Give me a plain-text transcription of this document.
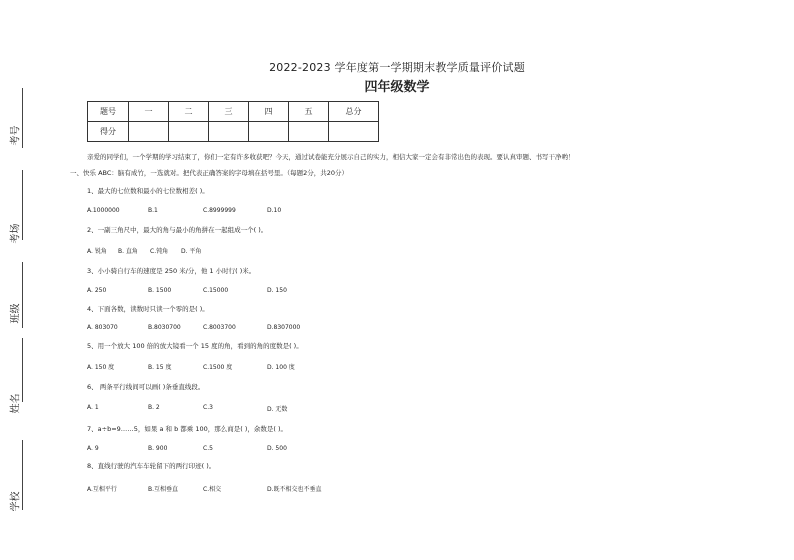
考号
考场
班级
姓名
学校
2022-2023 学年度第一学期期末教学质量评价试题
四年级数学
题号	一	二	三	四	五	总分
得分						
亲爱的同学们，一个学期的学习结束了，你们一定有许多收获吧？今天，通过试卷能充分展示自己的实力，相信大家一定会有非常出色的表现。要认真审题、书写干净哟！
一、快乐 ABC：脑有成竹，一选就对。把代表正确答案的字母填在括号里。（每题2分，共20分）
1、最大的七位数和最小的七位数相差( )。
A.1000000	B.1	C.8999999	D.10
2、一副三角尺中，最大的角与最小的角拼在一起组成一个( )。
A. 锐角 B. 直角 C.钝角 D. 平角
3、小小骑自行车的速度是 250 米/分，他 1 小时行( )米。
A. 250	B. 1500	C.15000	D. 150
4、下面各数，读数时只读一个零的是( )。
A. 803070	B.8030700	C.8003700	D.8307000
5、用一个放大 100 倍的放大镜看一个 15 度的角，看到的角的度数是( )。
A. 150 度	B. 15 度	C.1500 度	D. 100 度
6、 两条平行线间可以画( )条垂直线段。
A. 1	B. 2	C.3	D. 无数
7、a÷b=9……5，如果 a 和 b 都乘 100，那么商是( )，余数是( )。
A. 9	B. 900	C.5	D. 500
8、直线行驶的汽车车轮留下的两行印迹( )。
A.互相平行	B.互相垂直	C.相交	D.既不相交也不垂直
